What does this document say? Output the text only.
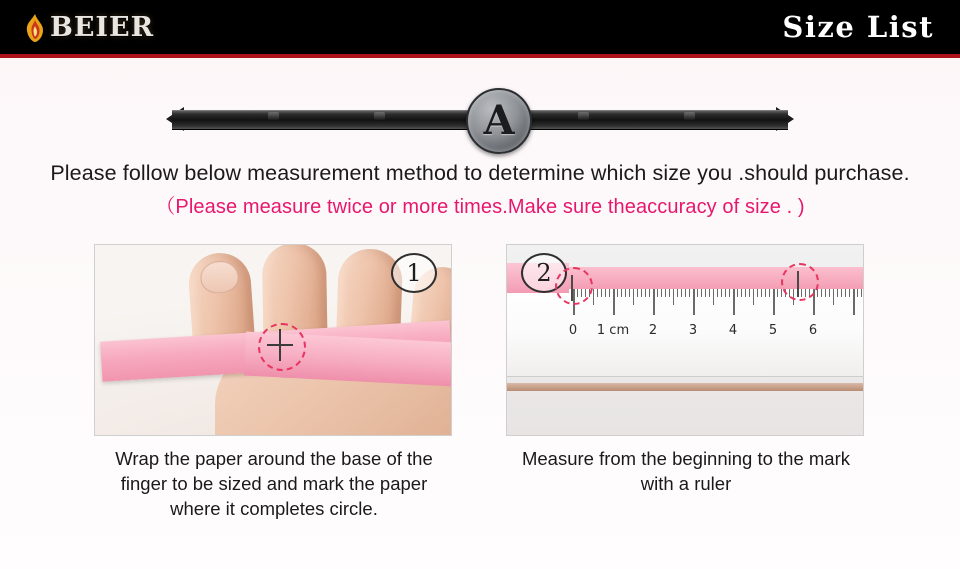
BEIER	Size List
A
Please follow below measurement method to determine which size you .should purchase.
（Please measure twice or more times.Make sure theaccuracy of size . )
1
Wrap the paper around the base of the finger to be sized and mark the paper where it completes circle.
0 1 cm 2 3 4 5 6
2
Measure from the beginning to the mark with a ruler
